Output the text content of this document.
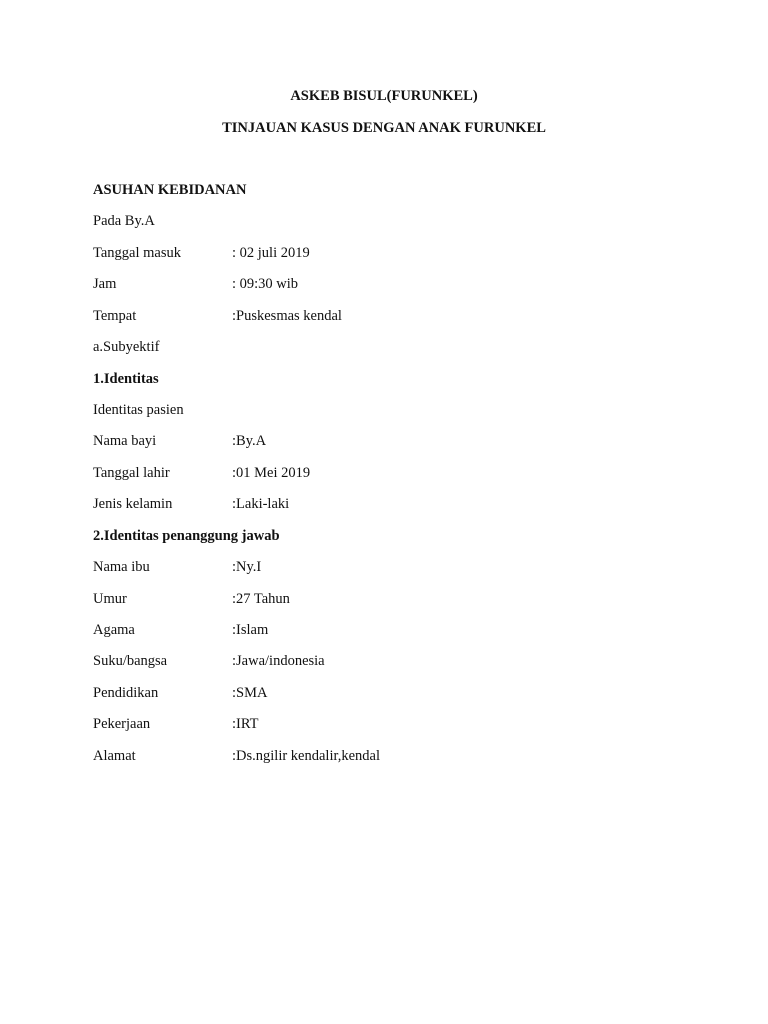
ASKEB BISUL(FURUNKEL)
TINJAUAN KASUS DENGAN ANAK FURUNKEL
ASUHAN KEBIDANAN
Pada By.A
Tanggal masuk	: 02 juli 2019
Jam	: 09:30 wib
Tempat	:Puskesmas kendal
a.Subyektif
1.Identitas
Identitas pasien
Nama bayi	:By.A
Tanggal lahir	:01 Mei 2019
Jenis kelamin	:Laki-laki
2.Identitas penanggung jawab
Nama ibu	:Ny.I
Umur	:27 Tahun
Agama	:Islam
Suku/bangsa	:Jawa/indonesia
Pendidikan	:SMA
Pekerjaan	:IRT
Alamat	:Ds.ngilir kendalir,kendal
